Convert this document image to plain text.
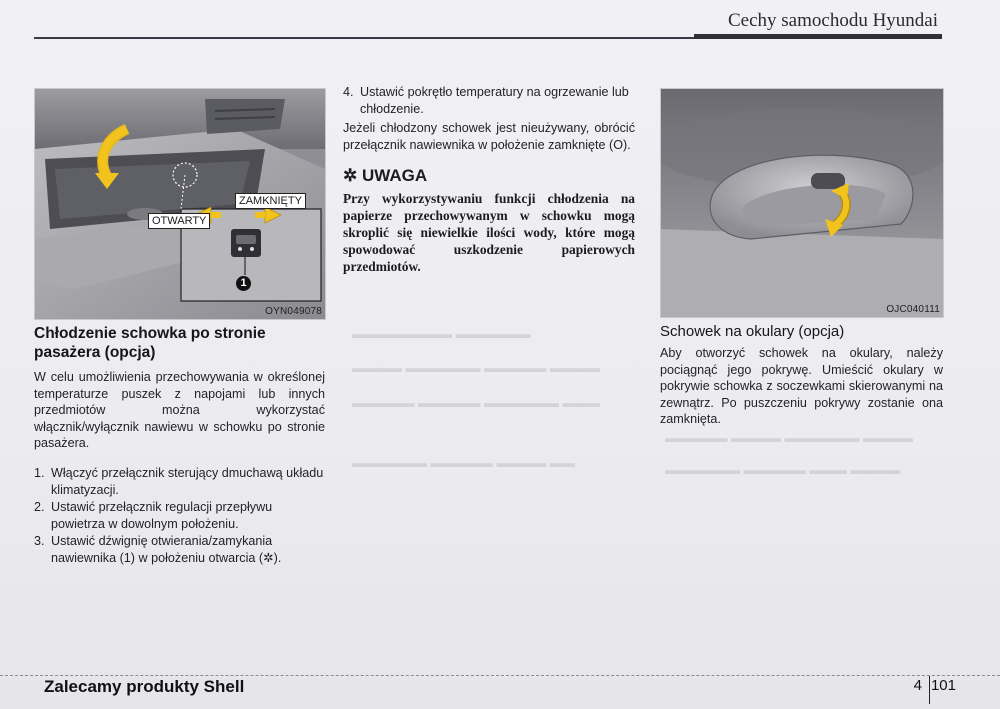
Cechy samochodu Hyundai
▬▬▬▬▬▬▬▬ ▬▬▬▬▬▬
▬▬▬▬ ▬▬▬▬▬▬ ▬▬▬▬▬ ▬▬▬▬
▬▬▬▬▬ ▬▬▬▬▬ ▬▬▬▬▬▬ ▬▬▬
▬▬▬▬▬▬ ▬▬▬▬▬ ▬▬▬▬ ▬▬
▬▬▬▬▬ ▬▬▬▬ ▬▬▬▬▬▬ ▬▬▬▬
▬▬▬▬▬▬ ▬▬▬▬▬ ▬▬▬ ▬▬▬▬
ZAMKNIĘTY
OTWARTY
1
OYN049078
Chłodzenie schowka po stronie pasażera (opcja)

W celu umożliwienia przechowywania w określonej temperaturze puszek z napojami lub innych przedmiotów można wykorzystać włącznik/wyłącznik nawiewu w schowku po stronie pasażera.

1. Włączyć przełącznik sterujący dmuchawą układu klimatyzacji.
2. Ustawić przełącznik regulacji przepływu powietrza w dowolnym położeniu.
3. Ustawić dźwignię otwierania/zamykania nawiewnika (1) w położeniu otwarcia (✲).
4. Ustawić pokrętło temperatury na ogrzewanie lub chłodzenie.

Jeżeli chłodzony schowek jest nieużywany, obrócić przełącznik nawiewnika w położenie zamknięte (O).

✲ UWAGA

Przy wykorzystywaniu funkcji chłodzenia na papierze przechowywanym w schowku mogą skroplić się niewielkie ilości wody, które mogą spowodować uszkodzenie papierowych przedmiotów.

OJC040111
Schowek na okulary (opcja)

Aby otworzyć schowek na okulary, należy pociągnąć jego pokrywę. Umieścić okulary w pokrywie schowka z soczewkami skierowanymi na zewnątrz. Po puszczeniu pokrywy zostanie ona zamknięta.

Zalecamy produkty Shell	4 101
